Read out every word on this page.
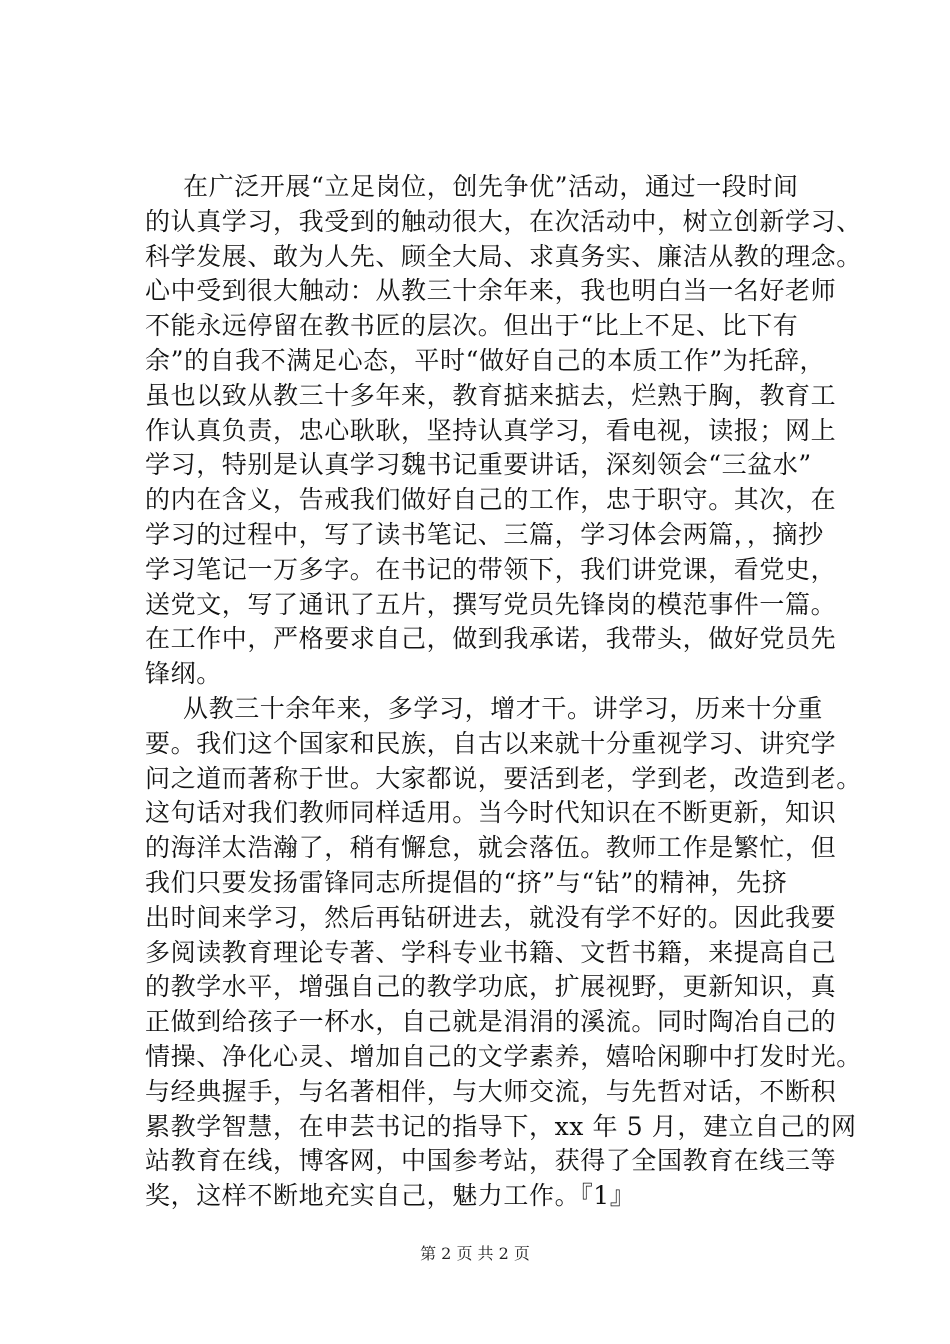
在广泛开展“立足岗位，创先争优”活动，通过一段时间
的认真学习，我受到的触动很大，在次活动中，树立创新学习、
科学发展、敢为人先、顾全大局、求真务实、廉洁从教的理念。
心中受到很大触动：从教三十余年来，我也明白当一名好老师
不能永远停留在教书匠的层次。但出于“比上不足、比下有
余”的自我不满足心态，平时“做好自己的本质工作”为托辞，
虽也以致从教三十多年来，教育掂来掂去，烂熟于胸，教育工
作认真负责，忠心耿耿，坚持认真学习，看电视，读报；网上
学习，特别是认真学习魏书记重要讲话，深刻领会“三盆水”
的内在含义，告戒我们做好自己的工作，忠于职守。其次，在
学习的过程中，写了读书笔记、三篇，学习体会两篇，，摘抄
学习笔记一万多字。在书记的带领下，我们讲党课，看党史，
送党文，写了通讯了五片，撰写党员先锋岗的模范事件一篇。
在工作中，严格要求自己，做到我承诺，我带头，做好党员先
锋纲。
从教三十余年来，多学习，增才干。讲学习，历来十分重
要。我们这个国家和民族，自古以来就十分重视学习、讲究学
问之道而著称于世。大家都说，要活到老，学到老，改造到老。
这句话对我们教师同样适用。当今时代知识在不断更新，知识
的海洋太浩瀚了，稍有懈怠，就会落伍。教师工作是繁忙，但
我们只要发扬雷锋同志所提倡的“挤”与“钻”的精神，先挤
出时间来学习，然后再钻研进去，就没有学不好的。因此我要
多阅读教育理论专著、学科专业书籍、文哲书籍，来提高自己
的教学水平，增强自己的教学功底，扩展视野，更新知识，真
正做到给孩子一杯水，自己就是涓涓的溪流。同时陶冶自己的
情操、净化心灵、增加自己的文学素养，嬉哈闲聊中打发时光。
与经典握手，与名著相伴，与大师交流，与先哲对话，不断积
累教学智慧，在申芸书记的指导下，xx 年 5 月，建立自己的网
站教育在线，博客网，中国参考站，获得了全国教育在线三等
奖，这样不断地充实自己，魅力工作。『1』
第 2 页 共 2 页
